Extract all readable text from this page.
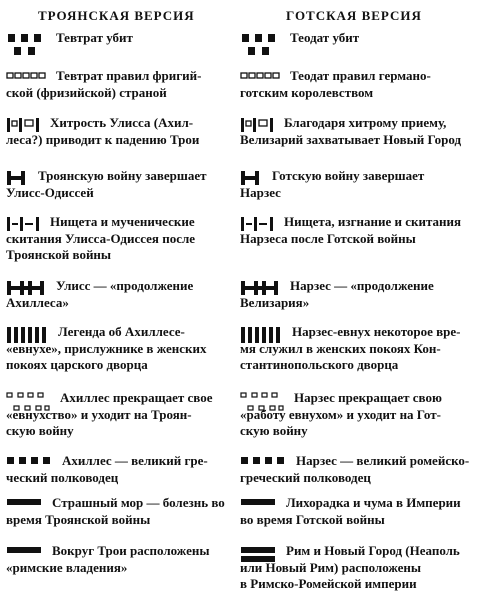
ТРОЯНСКАЯ ВЕРСИЯ	ГОТСКАЯ ВЕРСИЯ
Тевтрат убит
Тевтрат правил фригий-
ской (фризийской) страной
Хитрость Улисса (Ахил-
леса?) приводит к падению Трои
Троянскую войну завершает
Улисс-Одиссей
Нищета и мученические
скитания Улисса-Одиссея после
Троянской войны
Улисс — «продолжение
Ахиллеса»
Легенда об Ахиллесе-
«евнухе», прислужнике в женских
покоях царского дворца
Ахиллес прекращает свое
«евнухство» и уходит на Троян-
скую войну
Ахиллес — великий гре-
ческий полководец
Страшный мор — болезнь во
время Троянской войны
Вокруг Трои расположены
«римские владения»
Теодат убит
Теодат правил германо-
готским королевством
Благодаря хитрому приему,
Велизарий захватывает Новый Город
Готскую войну завершает
Нарзес
Нищета, изгнание и скитания
Нарзеса после Готской войны
Нарзес — «продолжение
Велизария»
Нарзес-евнух некоторое вре-
мя служил в женских покоях Кон-
стантинопольского дворца
Нарзес прекращает свою
«работу евнухом» и уходит на Гот-
скую войну
Нарзес — великий ромейско-
греческий полководец
Лихорадка и чума в Империи
во время Готской войны
Рим и Новый Город (Неаполь
или Новый Рим) расположены
в Римско-Ромейской империи
